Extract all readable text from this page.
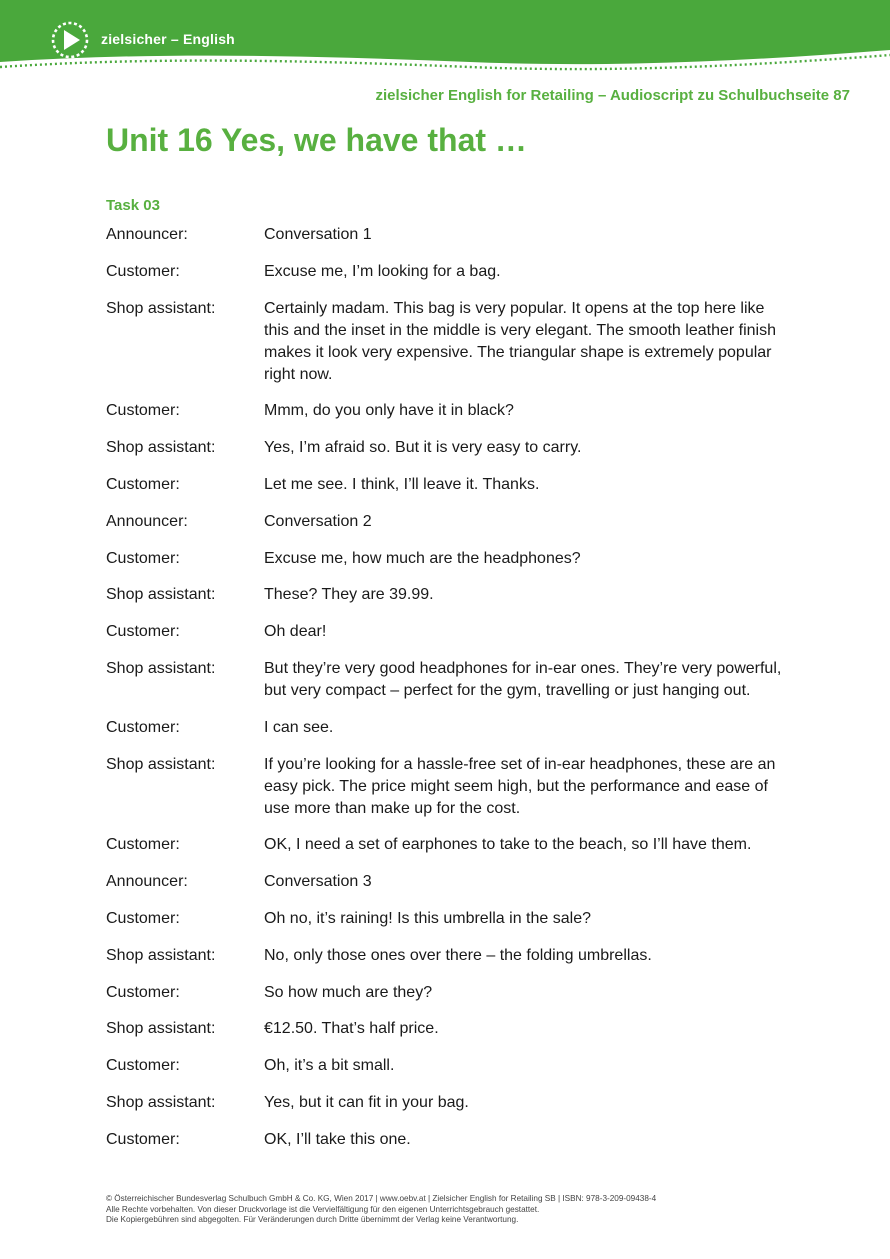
zielsicher – English
zielsicher English for Retailing – Audioscript zu Schulbuchseite 87
Unit 16 Yes, we have that …
Task 03
Announcer:	Conversation 1
Customer:	Excuse me, I’m looking for a bag.
Shop assistant:	Certainly madam. This bag is very popular. It opens at the top here like this and the inset in the middle is very elegant. The smooth leather finish makes it look very expensive. The triangular shape is extremely popular right now.
Customer:	Mmm, do you only have it in black?
Shop assistant:	Yes, I’m afraid so. But it is very easy to carry.
Customer:	Let me see. I think, I’ll leave it. Thanks.
Announcer:	Conversation 2
Customer:	Excuse me, how much are the headphones?
Shop assistant:	These? They are 39.99.
Customer:	Oh dear!
Shop assistant:	But they’re very good headphones for in-ear ones. They’re very powerful, but very compact – perfect for the gym, travelling or just hanging out.
Customer:	I can see.
Shop assistant:	If you’re looking for a hassle-free set of in-ear headphones, these are an easy pick. The price might seem high, but the performance and ease of use more than make up for the cost.
Customer:	OK, I need a set of earphones to take to the beach, so I’ll have them.
Announcer:	Conversation 3
Customer:	Oh no, it’s raining! Is this umbrella in the sale?
Shop assistant:	No, only those ones over there – the folding umbrellas.
Customer:	So how much are they?
Shop assistant:	€12.50. That’s half price.
Customer:	Oh, it’s a bit small.
Shop assistant:	Yes, but it can fit in your bag.
Customer:	OK, I’ll take this one.
© Österreichischer Bundesverlag Schulbuch GmbH & Co. KG, Wien 2017 | www.oebv.at | Zielsicher English for Retailing SB | ISBN: 978-3-209-09438-4
Alle Rechte vorbehalten. Von dieser Druckvorlage ist die Vervielfältigung für den eigenen Unterrichtsgebrauch gestattet.
Die Kopiergebühren sind abgegolten. Für Veränderungen durch Dritte übernimmt der Verlag keine Verantwortung.
